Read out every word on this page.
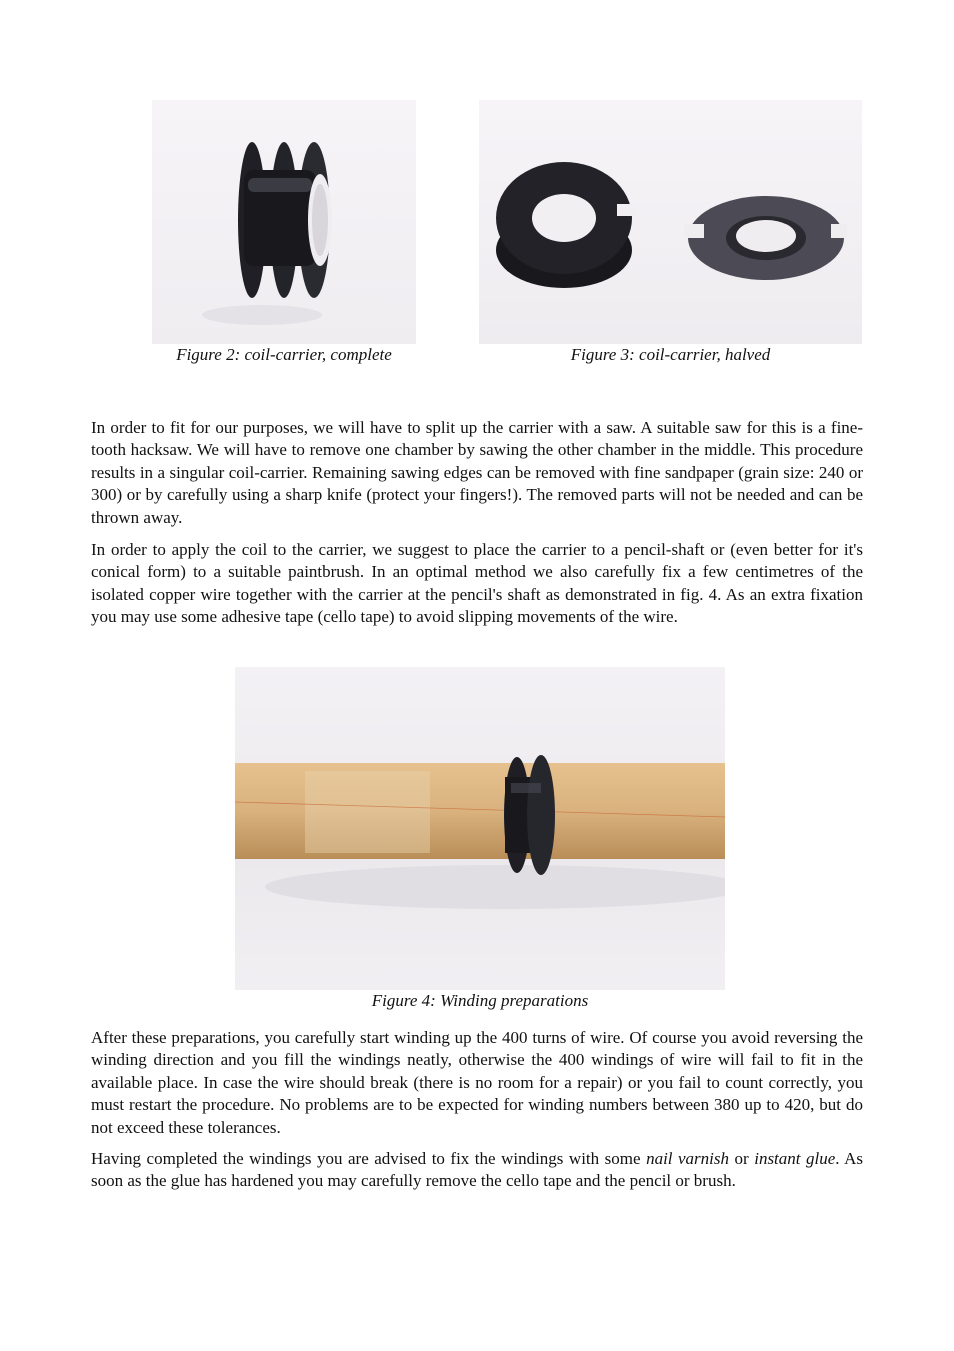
Figure 2: coil-carrier, complete	Figure 3: coil-carrier, halved

In order to fit for our purposes, we will have to split up the carrier with a saw. A suitable saw for this is a fine-tooth hacksaw. We will have to remove one chamber by sawing the other chamber in the middle. This procedure results in a singular coil-carrier. Remaining sawing edges can be removed with fine sandpaper (grain size: 240 or 300) or by carefully using a sharp knife (protect your fingers!). The removed parts will not be needed and can be thrown away.

In order to apply the coil to the carrier, we suggest to place the carrier to a pencil-shaft or (even better for it's conical form) to a suitable paintbrush. In an optimal method we also carefully fix a few centimetres of the isolated copper wire together with the carrier at the pencil's shaft as demonstrated in fig. 4. As an extra fixation you may use some adhesive tape (cello tape) to avoid slipping movements of the wire.

Figure 4: Winding preparations

After these preparations, you carefully start winding up the 400 turns of wire. Of course you avoid reversing the winding direction and you fill the windings neatly, otherwise the 400 windings of wire will fail to fit in the available place. In case the wire should break (there is no room for a repair) or you fail to count correctly, you must restart the procedure. No problems are to be expected for winding numbers between 380 up to 420, but do not exceed these tolerances.

Having completed the windings you are advised to fix the windings with some nail varnish or instant glue. As soon as the glue has hardened you may carefully remove the cello tape and the pencil or brush.
